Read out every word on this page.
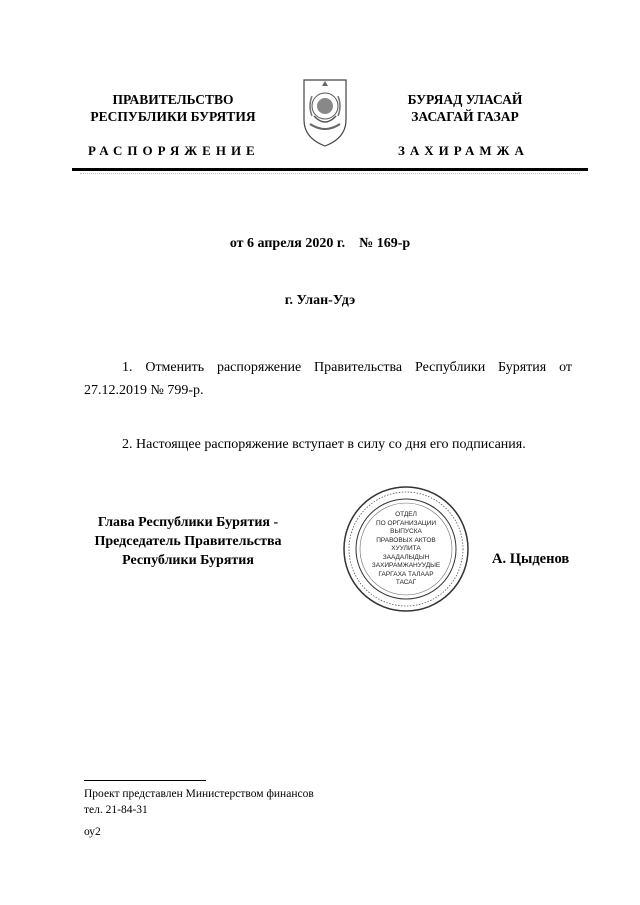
ПРАВИТЕЛЬСТВО
РЕСПУБЛИКИ БУРЯТИЯ
БУРЯАД УЛАСАЙ
ЗАСАГАЙ ГАЗАР
РАСПОРЯЖЕНИЕ	ЗАХИРАМЖА
от 6 апреля 2020 г.    № 169-р
г. Улан-Удэ
1. Отменить распоряжение Правительства Республики Бурятия от 27.12.2019 № 799-р.
2. Настоящее распоряжение вступает в силу со дня его подписания.
Глава Республики Бурятия -
Председатель Правительства
Республики Бурятия
ОТДЕЛ
ПО ОРГАНИЗАЦИИ
ВЫПУСКА
ПРАВОВЫХ АКТОВ
ХУУЛИТА
ЗААДАЛЫДЫН ЗАХИРАМЖАНУУДЫЕ
ГАРГАХА ТАЛААР
ТАСАГ
А. Цыденов
Проект представлен Министерством финансов
тел. 21-84-31
оу2
